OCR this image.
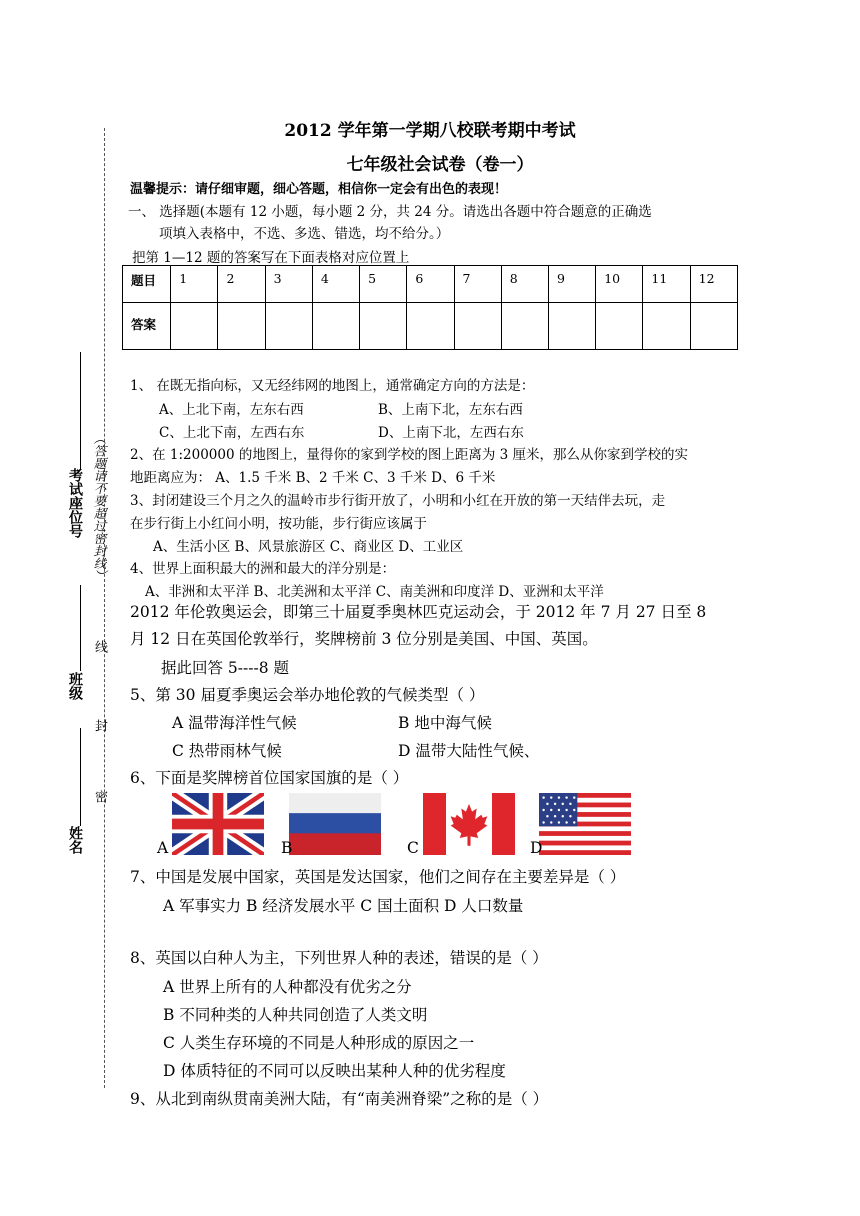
2012 学年第一学期八校联考期中考试
七年级社会试卷（卷一）
温馨提示：请仔细审题，细心答题，相信你一定会有出色的表现！
一、 选择题(本题有 12 小题，每小题 2 分，共 24 分。请选出各题中符合题意的正确选
项填入表格中，不选、多选、错选，均不给分。）
把第 1—12 题的答案写在下面表格对应位置上
题目	1	2	3	4	5	6	7	8	9	10	11	12
答案												
考试座位号 （答题请不要超过密封线）
班级
线
封
姓名
密
1、 在既无指向标，又无经纬网的地图上，通常确定方向的方法是：
A、上北下南，左东右西	B、上南下北，左东右西
C、上北下南，左西右东	D、上南下北，左西右东
2、在 1:200000 的地图上，量得你的家到学校的图上距离为 3 厘米，那么从你家到学校的实
地距离应为： A、1.5 千米 B、2 千米 C、3 千米 D、6 千米
3、封闭建设三个月之久的温岭市步行街开放了，小明和小红在开放的第一天结伴去玩，走
在步行街上小红问小明，按功能，步行街应该属于
A、生活小区 B、风景旅游区 C、商业区 D、工业区
4、世界上面积最大的洲和最大的洋分别是：
A、非洲和太平洋 B、北美洲和太平洋 C、南美洲和印度洋 D、亚洲和太平洋
2012 年伦敦奥运会，即第三十届夏季奥林匹克运动会，于 2012 年 7 月 27 日至 8
月 12 日在英国伦敦举行，奖牌榜前 3 位分别是美国、中国、英国。
据此回答 5----8 题
5、第 30 届夏季奥运会举办地伦敦的气候类型（ ）
A 温带海洋性气候	B 地中海气候
C 热带雨林气候	D 温带大陆性气候、
6、下面是奖牌榜首位国家国旗的是（ ）
A	B	C	D
7、中国是发展中国家，英国是发达国家，他们之间存在主要差异是（ ）
A 军事实力 B 经济发展水平 C 国土面积 D 人口数量
8、英国以白种人为主，下列世界人种的表述，错误的是（ ）
A 世界上所有的人种都没有优劣之分
B 不同种类的人种共同创造了人类文明
C 人类生存环境的不同是人种形成的原因之一
D 体质特征的不同可以反映出某种人种的优劣程度
9、从北到南纵贯南美洲大陆，有“南美洲脊梁”之称的是（ ）
